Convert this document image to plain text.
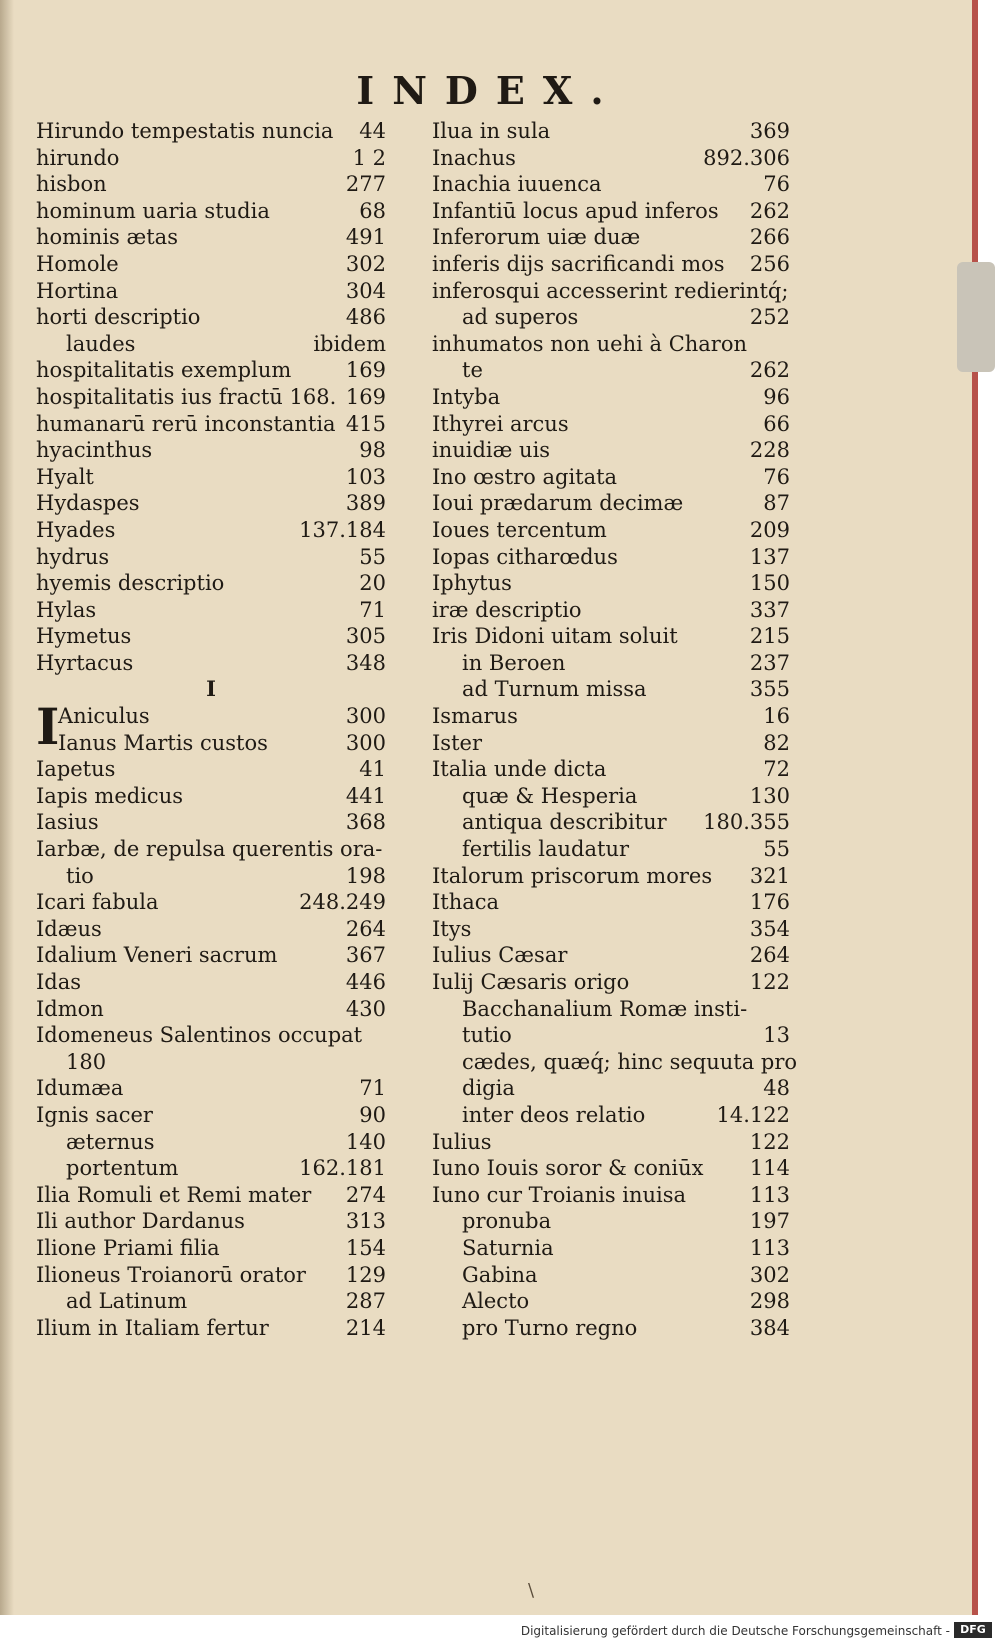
INDEX.
Hirundo tempestatis nuncia 44
hirundo	1 2
hisbon	277
hominum uaria studia	68
hominis ætas	491
Homole	302
Hortina	304
horti descriptio	486
laudes	ibidem
hospitalitatis exemplum	169
hospitalitatis ius fractū 168. 169
humanarū rerū inconstantia 415
hyacinthus	98
Hyalt	103
Hydaspes	389
Hyades	137.184
hydrus	55
hyemis descriptio	20
Hylas	71
Hymetus	305
Hyrtacus	348
I
Aniculus	300
Ianus Martis custos	300
Iapetus	41
Iapis medicus	441
Iasius	368
Iarbæ, de repulsa querentis ora-
tio	198
Icari fabula	248.249
Idæus	264
Idalium Veneri sacrum	367
Idas	446
Idmon	430
Idomeneus Salentinos occupat
180
Idumæa	71
Ignis sacer	90
æternus	140
portentum	162.181
Ilia Romuli et Remi mater 274
Ili author Dardanus	313
Ilione Priami filia	154
Ilioneus Troianorū orator 129
ad Latinum	287
Ilium in Italiam fertur	214
Ilua in sula	369
Inachus	892.306
Inachia iuuenca	76
Infantiū locus apud inferos 262
Inferorum uiæ duæ	266
inferis dijs sacrificandi mos 256
inferosqui accesserint redierintq́;
ad superos	252
inhumatos non uehi à Charon
te	262
Intyba	96
Ithyrei arcus	66
inuidiæ uis	228
Ino œstro agitata	76
Ioui prædarum decimæ	87
Ioues tercentum	209
Iopas citharœdus	137
Iphytus	150
iræ descriptio	337
Iris Didoni uitam soluit	215
in Beroen	237
ad Turnum missa	355
Ismarus	16
Ister	82
Italia unde dicta	72
quæ & Hesperia	130
antiqua describitur 180.355
fertilis laudatur	55
Italorum priscorum mores 321
Ithaca	176
Itys	354
Iulius Cæsar	264
Iulij Cæsaris origo	122
Bacchanalium Romæ insti-
tutio	13
cædes, quæq́; hinc sequuta pro
digia	48
inter deos relatio	14.122
Iulius	122
Iuno Iouis soror & coniūx 114
Iuno cur Troianis inuisa	113
pronuba	197
Saturnia	113
Gabina	302
Alecto	298
pro Turno regno	384
I
\
Digitalisierung gefördert durch die Deutsche Forschungsgemeinschaft - DFG
